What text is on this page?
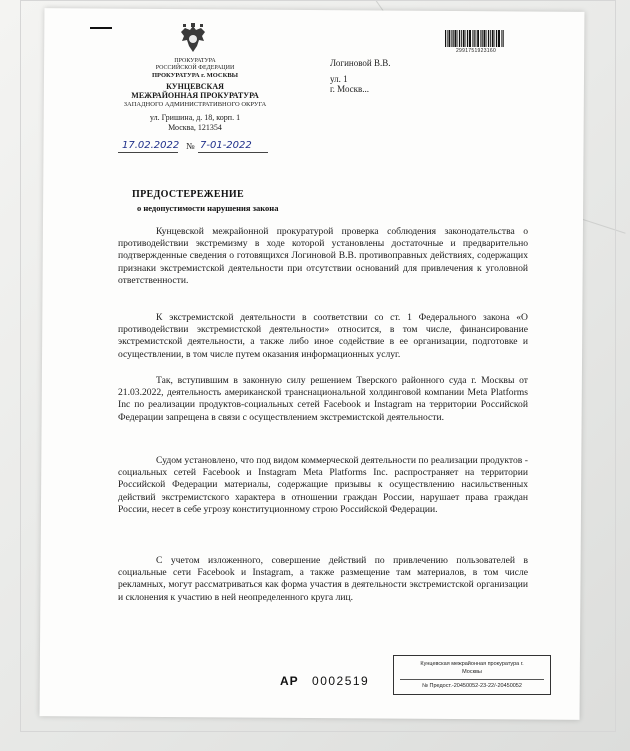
ПРОКУРАТУРА
РОССИЙСКОЙ ФЕДЕРАЦИИ
ПРОКУРАТУРА г. МОСКВЫ
КУНЦЕВСКАЯ
МЕЖРАЙОННАЯ ПРОКУРАТУРА
ЗАПАДНОГО АДМИНИСТРАТИВНОГО ОКРУГА
ул. Гришина, д. 18, корп. 1
Москва, 121354
17.02.2022 № 7-01-2022
Логиновой В.В.
ул. 1
г. Москв...
2991751923160
ПРЕДОСТЕРЕЖЕНИЕ
о недопустимости нарушения закона
Кунцевской межрайонной прокуратурой проверка соблюдения законодательства о противодействии экстремизму в ходе которой установлены достаточные и предварительно подтвержденные сведения о готовящихся Логиновой В.В. противоправных действиях, содержащих признаки экстремистской деятельности при отсутствии оснований для привлечения к уголовной ответственности.
К экстремистской деятельности в соответствии со ст. 1 Федерального закона «О противодействии экстремистской деятельности» относится, в том числе, финансирование экстремистской деятельности, а также либо иное содействие в ее организации, подготовке и осуществлении, в том числе путем оказания информационных услуг.
Так, вступившим в законную силу решением Тверского районного суда г. Москвы от 21.03.2022, деятельность американской транснациональной холдинговой компании Meta Platforms Inc по реализации продуктов-социальных сетей Facebook и Instagram на территории Российской Федерации запрещена в связи с осуществлением экстремистской деятельности.
Судом установлено, что под видом коммерческой деятельности по реализации продуктов - социальных сетей Facebook и Instagram Meta Platforms Inc. распространяет на территории Российской Федерации материалы, содержащие призывы к осуществлению насильственных действий экстремистского характера в отношении граждан России, нарушает права граждан России, несет в себе угрозу конституционному строю Российской Федерации.
С учетом изложенного, совершение действий по привлечению пользователей в социальные сети Facebook и Instagram, а также размещение там материалов, в том числе рекламных, могут рассматриваться как форма участия в деятельности экстремистской организации и склонения к участию в ней неопределенного круга лиц.
Кунцевская межрайонная прокуратура г.
Москвы
№ Предост.-20450052-23-22/-20450052
АР 0002519
